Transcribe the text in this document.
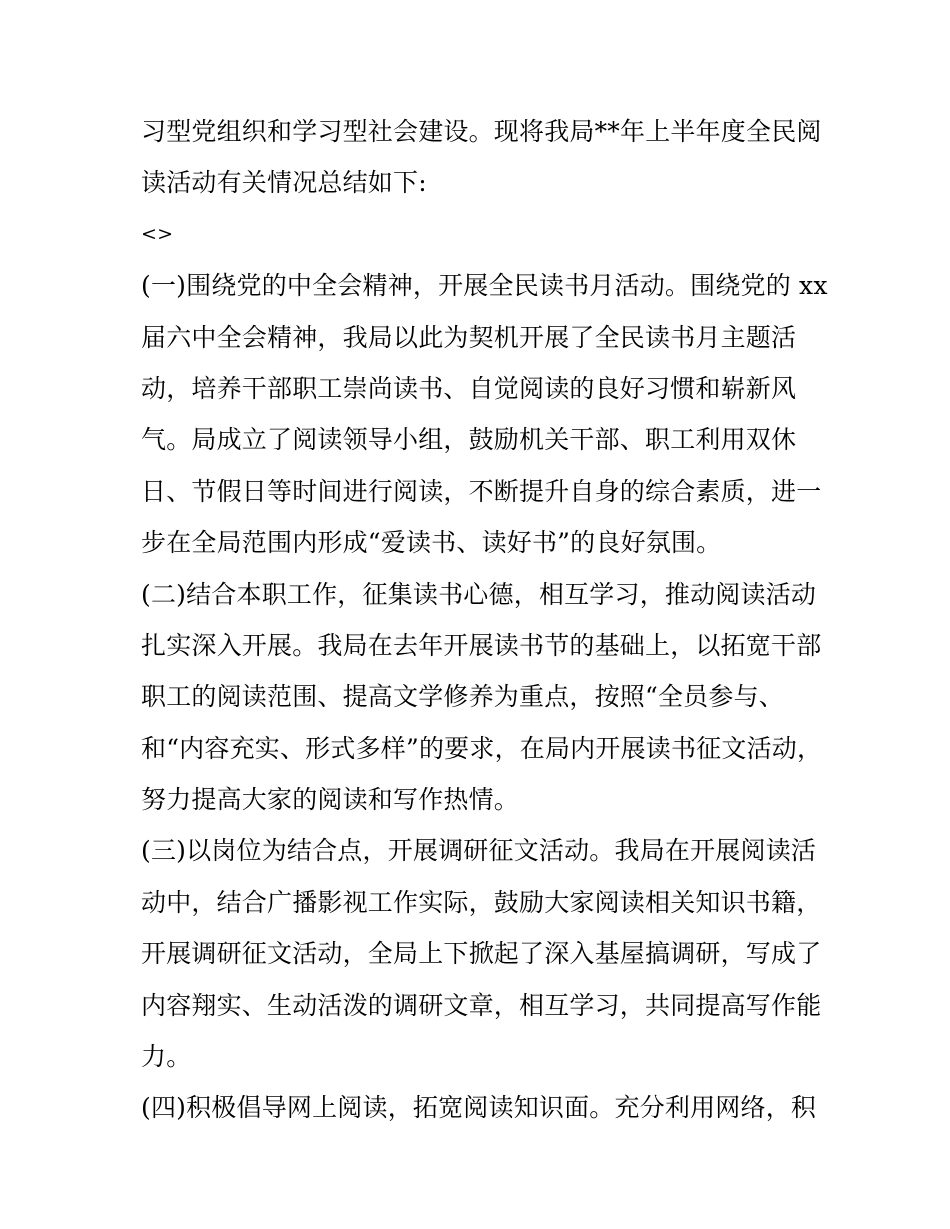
习型党组织和学习型社会建设。现将我局**年上半年度全民阅
读活动有关情况总结如下:
<>
(一)围绕党的中全会精神，开展全民读书月活动。围绕党的 xx
届六中全会精神，我局以此为契机开展了全民读书月主题活
动，培养干部职工崇尚读书、自觉阅读的良好习惯和崭新风
气。局成立了阅读领导小组，鼓励机关干部、职工利用双休
日、节假日等时间进行阅读，不断提升自身的综合素质，进一
步在全局范围内形成“爱读书、读好书”的良好氛围。
(二)结合本职工作，征集读书心德，相互学习，推动阅读活动
扎实深入开展。我局在去年开展读书节的基础上，以拓宽干部
职工的阅读范围、提高文学修养为重点，按照“全员参与、
和“内容充实、形式多样”的要求，在局内开展读书征文活动，
努力提高大家的阅读和写作热情。
(三)以岗位为结合点，开展调研征文活动。我局在开展阅读活
动中，结合广播影视工作实际，鼓励大家阅读相关知识书籍，
开展调研征文活动，全局上下掀起了深入基屋搞调研，写成了
内容翔实、生动活泼的调研文章，相互学习，共同提高写作能
力。
(四)积极倡导网上阅读，拓宽阅读知识面。充分利用网络，积
